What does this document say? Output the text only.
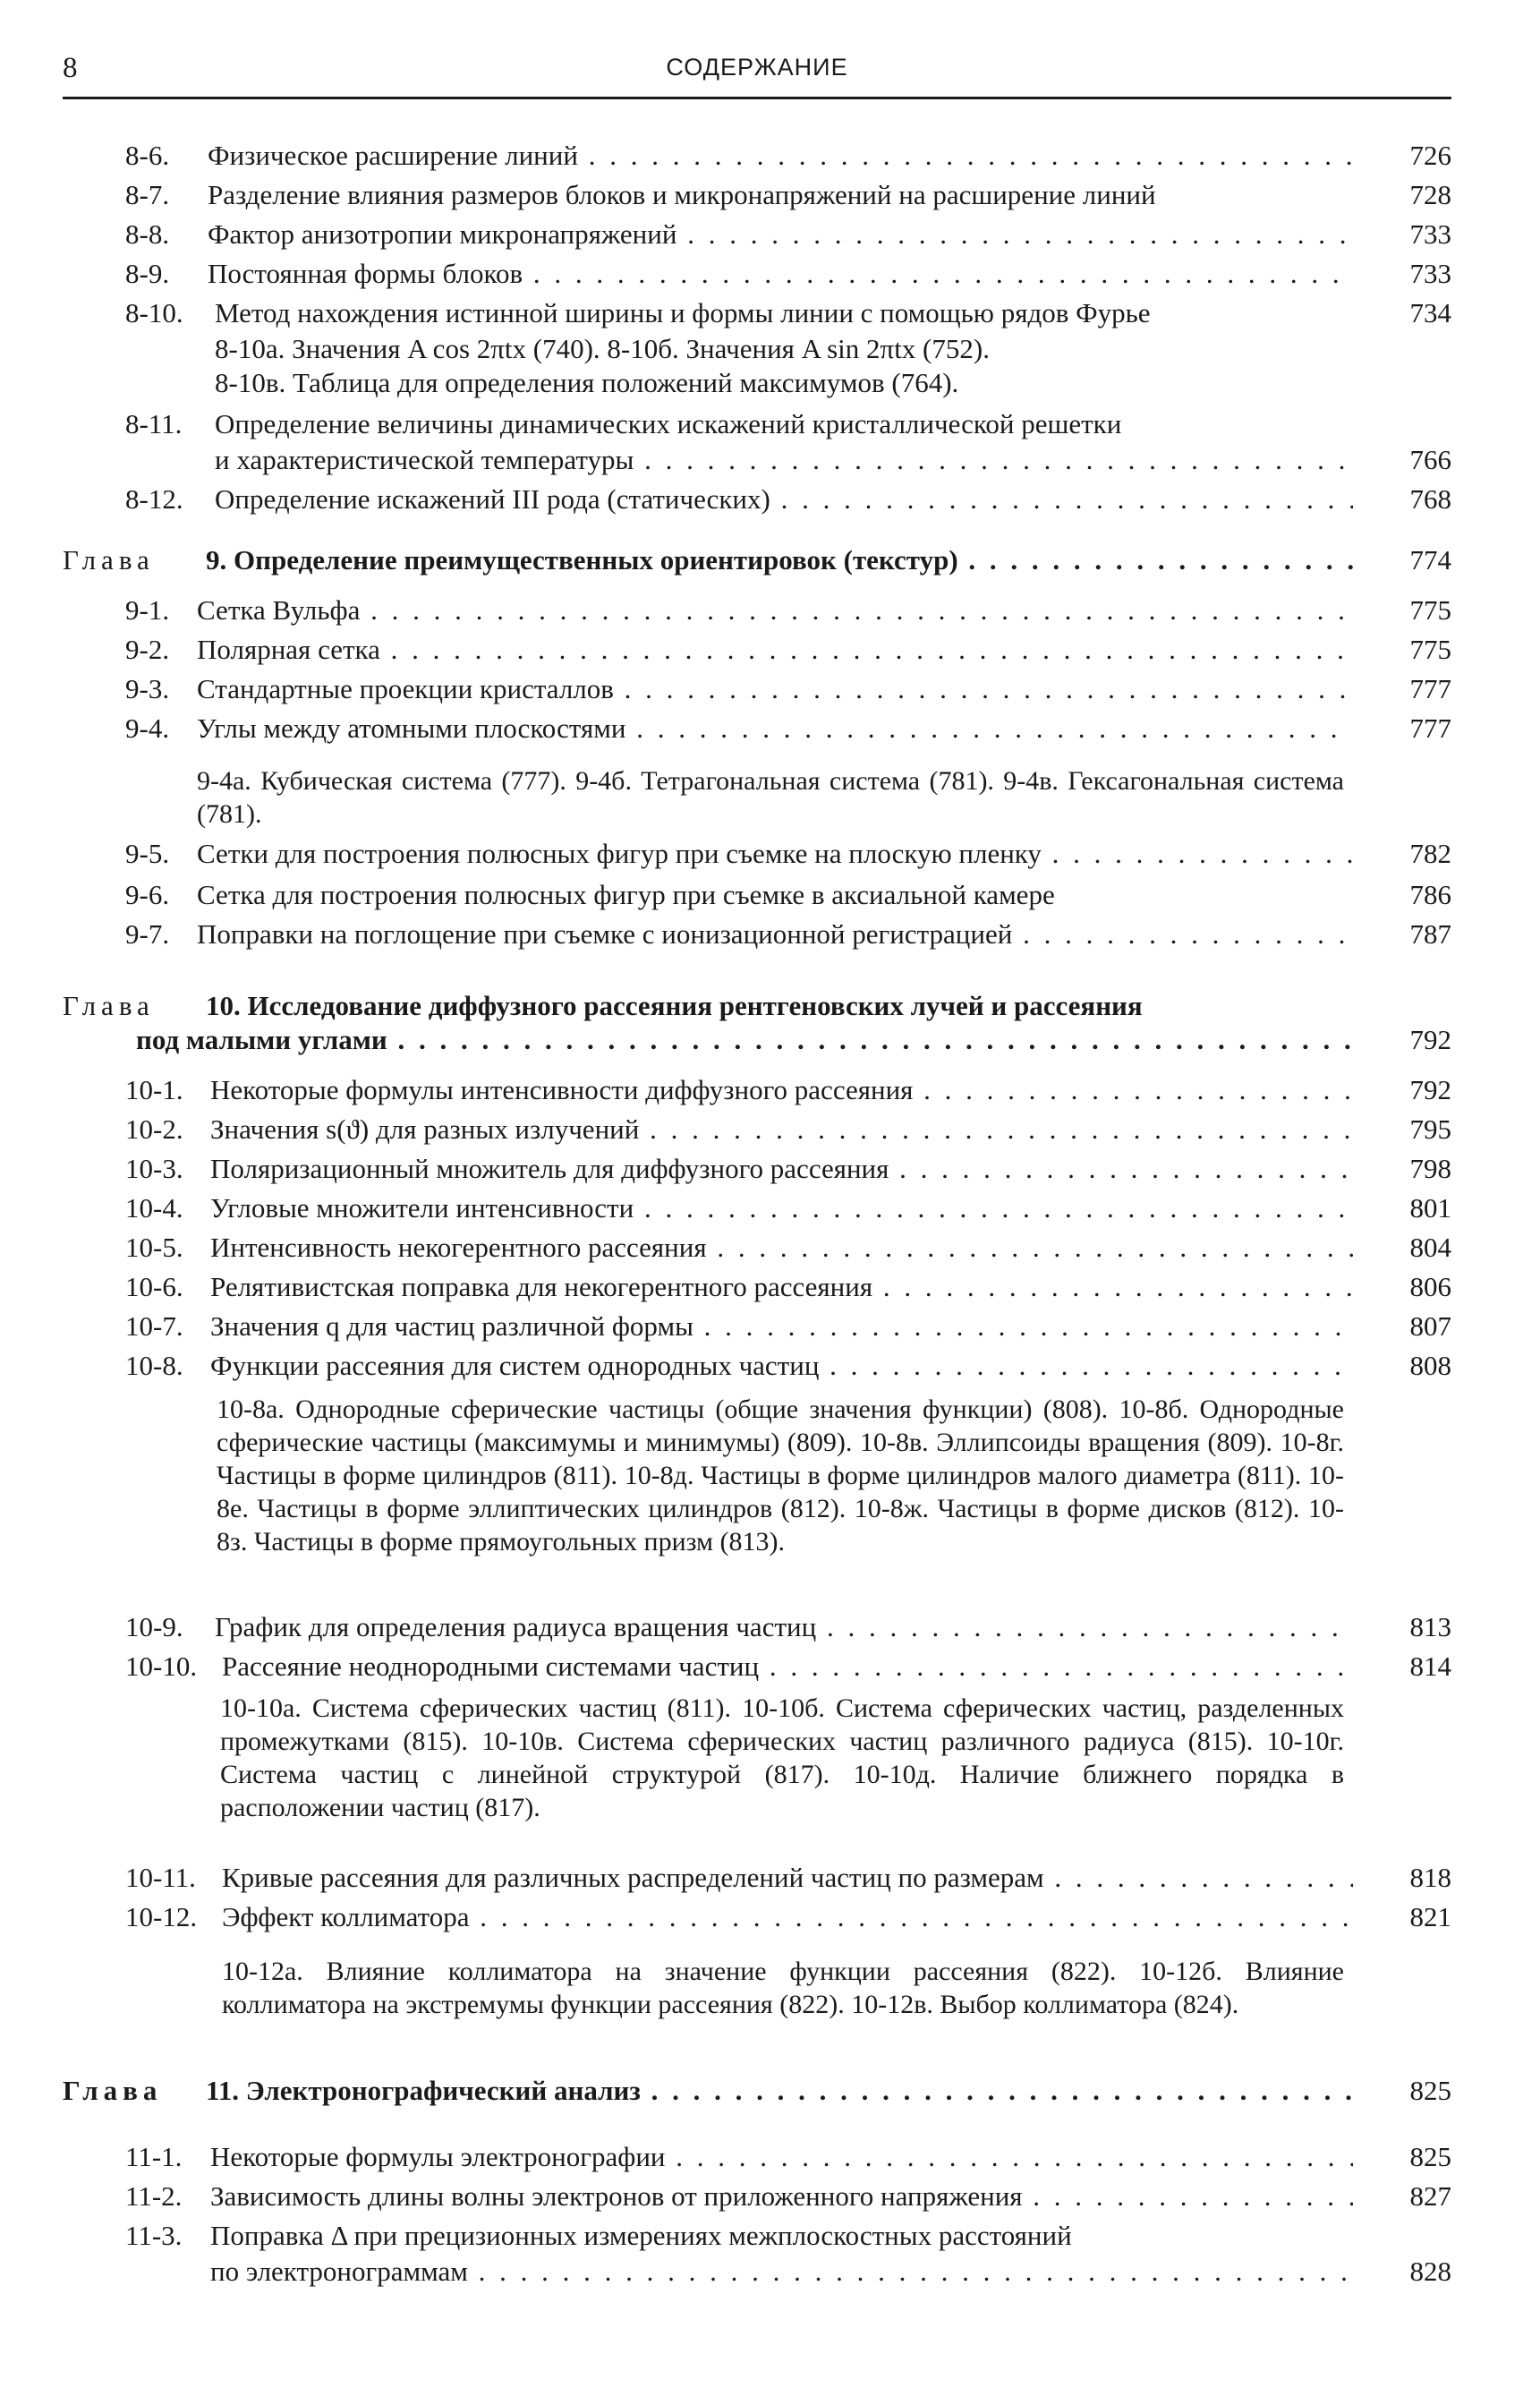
8	СОДЕРЖАНИЕ
8-6. Физическое расширение линий . . .	726
8-7. Разделение влияния размеров блоков и микронапряжений на расширение линий	728
8-8. Фактор анизотропии микронапряжений . . .	733
8-9. Постоянная формы блоков . . .	733
8-10. Метод нахождения истинной ширины и формы линии с помощью рядов Фурье	734
8-10а. Значения A cos 2πtx (740). 8-10б. Значения A sin 2πtx (752).
8-10в. Таблица для определения положений максимумов (764).
8-11. Определение величины динамических искажений кристаллической решетки
и характеристической температуры . . .	766
8-12. Определение искажений III рода (статических) . . .	768
Глава 9. Определение преимущественных ориентировок (текстур) . . .	774
9-1. Сетка Вульфа . . .	775
9-2. Полярная сетка . . .	775
9-3. Стандартные проекции кристаллов . . .	777
9-4. Углы между атомными плоскостями . . .	777
9-4а. Кубическая система (777). 9-4б. Тетрагональная система (781). 9-4в. Гексагональная система (781).
9-5. Сетки для построения полюсных фигур при съемке на плоскую пленку . . .	782
9-6. Сетка для построения полюсных фигур при съемке в аксиальной камере	786
9-7. Поправки на поглощение при съемке с ионизационной регистрацией . . .	787
Глава 10. Исследование диффузного рассеяния рентгеновских лучей и рассеяния
под малыми углами . . .	792
10-1. Некоторые формулы интенсивности диффузного рассеяния . . .	792
10-2. Значения s(ϑ) для разных излучений . . .	795
10-3. Поляризационный множитель для диффузного рассеяния . . .	798
10-4. Угловые множители интенсивности . . .	801
10-5. Интенсивность некогерентного рассеяния . . .	804
10-6. Релятивистская поправка для некогерентного рассеяния . . .	806
10-7. Значения q для частиц различной формы . . .	807
10-8. Функции рассеяния для систем однородных частиц . . .	808
10-8а. Однородные сферические частицы (общие значения функции) (808). 10-8б. Однородные сферические частицы (максимумы и минимумы) (809). 10-8в. Эллипсоиды вращения (809). 10-8г. Частицы в форме цилиндров (811). 10-8д. Частицы в форме цилиндров малого диаметра (811). 10-8е. Частицы в форме эллиптических цилиндров (812). 10-8ж. Частицы в форме дисков (812). 10-8з. Частицы в форме прямоугольных призм (813).
10-9. График для определения радиуса вращения частиц . . .	813
10-10. Рассеяние неоднородными системами частиц . . .	814
10-10а. Система сферических частиц (811). 10-10б. Система сферических частиц, разделенных промежутками (815). 10-10в. Система сферических частиц различного радиуса (815). 10-10г. Система частиц с линейной структурой (817). 10-10д. Наличие ближнего порядка в расположении частиц (817).
10-11. Кривые рассеяния для различных распределений частиц по размерам . . .	818
10-12. Эффект коллиматора . . .	821
10-12а. Влияние коллиматора на значение функции рассеяния (822). 10-12б. Влияние коллиматора на экстремумы функции рассеяния (822). 10-12в. Выбор коллиматора (824).
Глава 11. Электронографический анализ . . .	825
11-1. Некоторые формулы электронографии . . .	825
11-2. Зависимость длины волны электронов от приложенного напряжения . . .	827
11-3. Поправка Δ при прецизионных измерениях межплоскостных расстояний
по электронограммам . . .	828
